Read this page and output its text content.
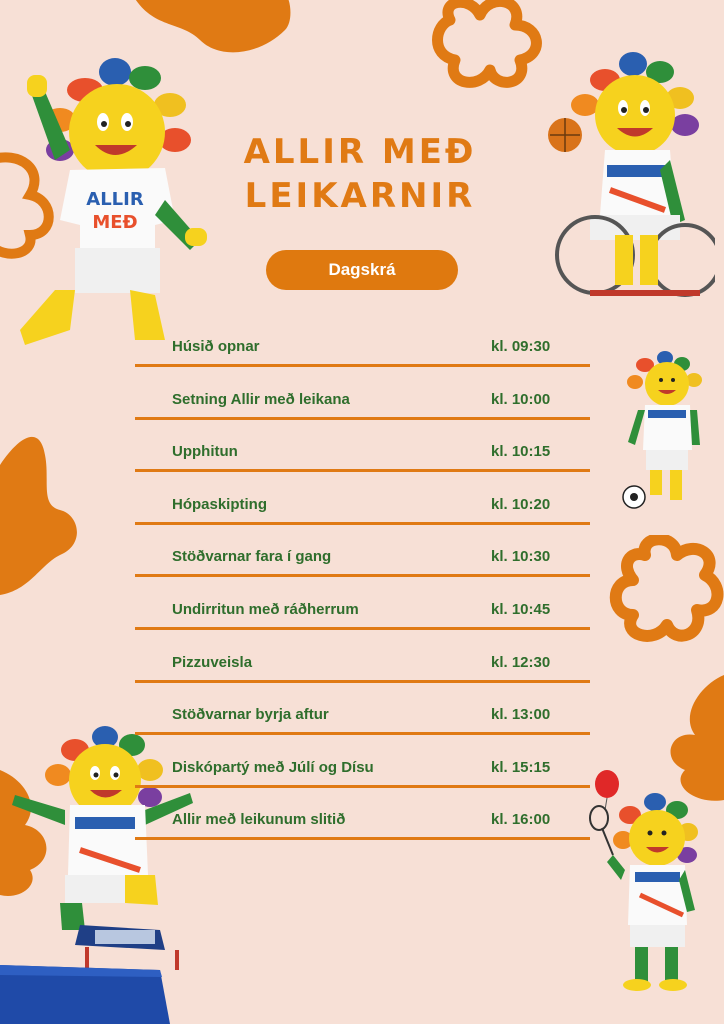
ALLIR
MEÐ
ALLIR MEÐ
LEIKARNIR
Dagskrá
Húsið opnar	kl. 09:30
Setning Allir með leikana	kl. 10:00
Upphitun	kl. 10:15
Hópaskipting	kl. 10:20
Stöðvarnar fara í gang	kl. 10:30
Undirritun með ráðherrum	kl. 10:45
Pizzuveisla	kl. 12:30
Stöðvarnar byrja aftur	kl. 13:00
Diskópartý með Júlí og Dísu	kl. 15:15
Allir með leikunum slitið	kl. 16:00
